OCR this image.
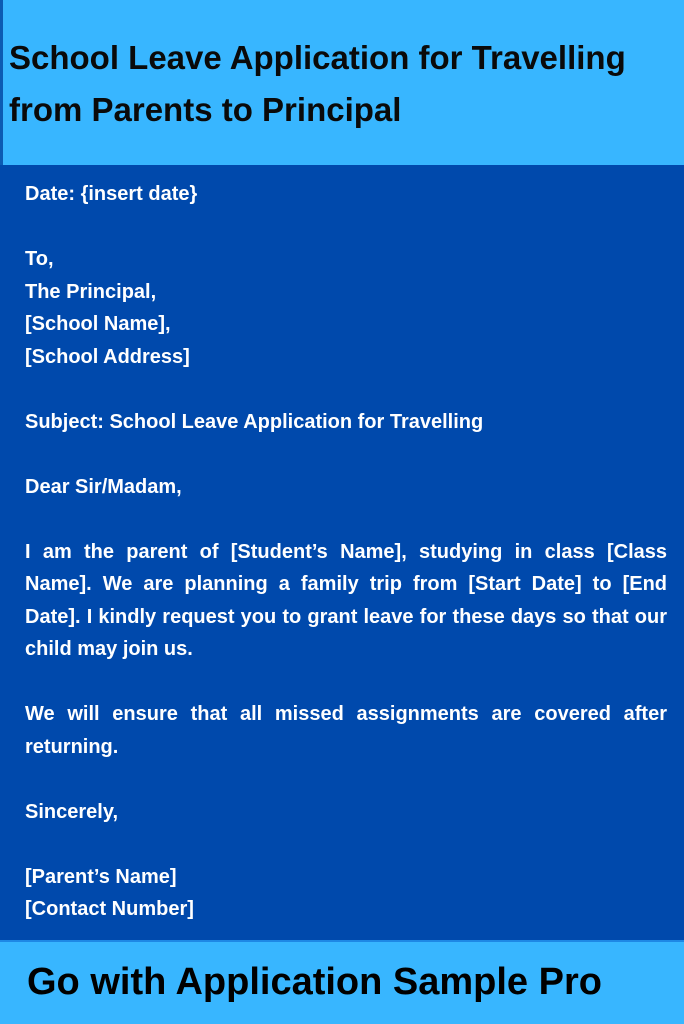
School Leave Application for Travelling from Parents to Principal

Date: {insert date}

To,
The Principal,
[School Name],
[School Address]

Subject: School Leave Application for Travelling

Dear Sir/Madam,

I am the parent of [Student’s Name], studying in class [Class Name]. We are planning a family trip from [Start Date] to [End Date]. I kindly request you to grant leave for these days so that our child may join us.

We will ensure that all missed assignments are covered after returning.

Sincerely,

[Parent’s Name]
[Contact Number]

Go with Application Sample Pro
